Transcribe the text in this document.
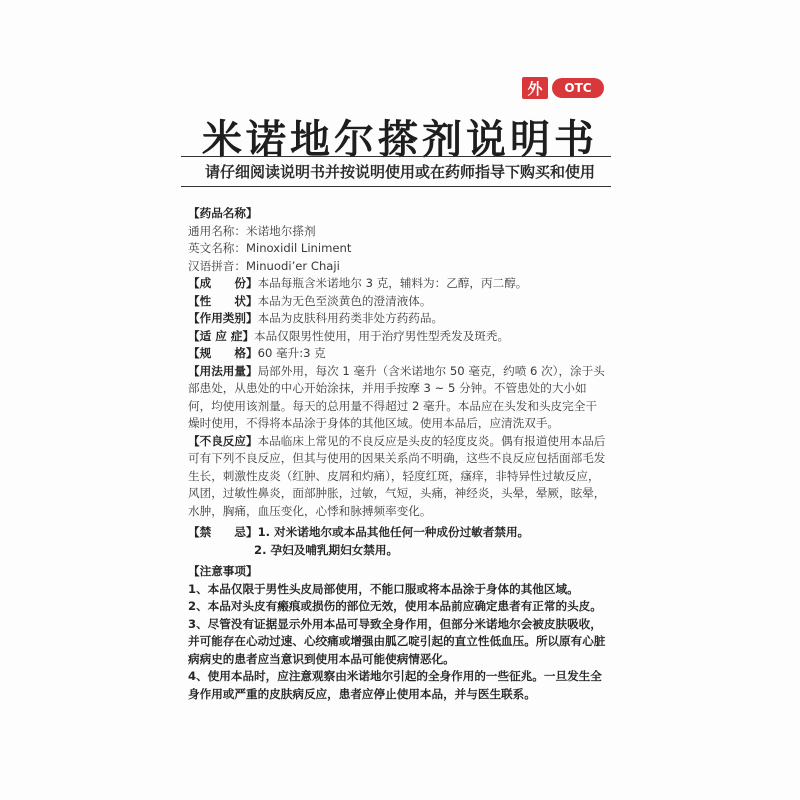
外	OTC
米诺地尔搽剂说明书
请仔细阅读说明书并按说明使用或在药师指导下购买和使用

【药品名称】

通用名称：米诺地尔搽剂

英文名称：Minoxidil Liniment

汉语拼音：Minuodi’er Chaji

【成　　份】本品每瓶含米诺地尔 3 克，辅料为：乙醇，丙二醇。

【性　　状】本品为无色至淡黄色的澄清液体。

【作用类别】本品为皮肤科用药类非处方药药品。

【适 应 症】本品仅限男性使用，用于治疗男性型秃发及斑秃。

【规　　格】60 毫升:3 克

【用法用量】局部外用，每次 1 毫升（含米诺地尔 50 毫克，约喷 6 次），涂于头部患处，从患处的中心开始涂抹，并用手按摩 3 ~ 5 分钟。不管患处的大小如何，均使用该剂量。每天的总用量不得超过 2 毫升。本品应在头发和头皮完全干燥时使用，不得将本品涂于身体的其他区域。使用本品后，应清洗双手。

【不良反应】本品临床上常见的不良反应是头皮的轻度皮炎。偶有报道使用本品后可有下列不良反应，但其与使用的因果关系尚不明确，这些不良反应包括面部毛发生长，刺激性皮炎（红肿、皮屑和灼痛），轻度红斑，瘙痒，非特异性过敏反应，风团，过敏性鼻炎，面部肿胀，过敏，气短，头痛，神经炎，头晕，晕厥，眩晕，水肿，胸痛，血压变化，心悸和脉搏频率变化。

【禁　　忌】1. 对米诺地尔或本品其他任何一种成份过敏者禁用。

2. 孕妇及哺乳期妇女禁用。

【注意事项】

1、本品仅限于男性头皮局部使用，不能口服或将本品涂于身体的其他区域。

2、本品对头皮有瘢痕或损伤的部位无效，使用本品前应确定患者有正常的头皮。

3、尽管没有证据显示外用本品可导致全身作用，但部分米诺地尔会被皮肤吸收，并可能存在心动过速、心绞痛或增强由胍乙啶引起的直立性低血压。所以原有心脏病病史的患者应当意识到使用本品可能使病情恶化。

4、使用本品时，应注意观察由米诺地尔引起的全身作用的一些征兆。一旦发生全身作用或严重的皮肤病反应，患者应停止使用本品，并与医生联系。
